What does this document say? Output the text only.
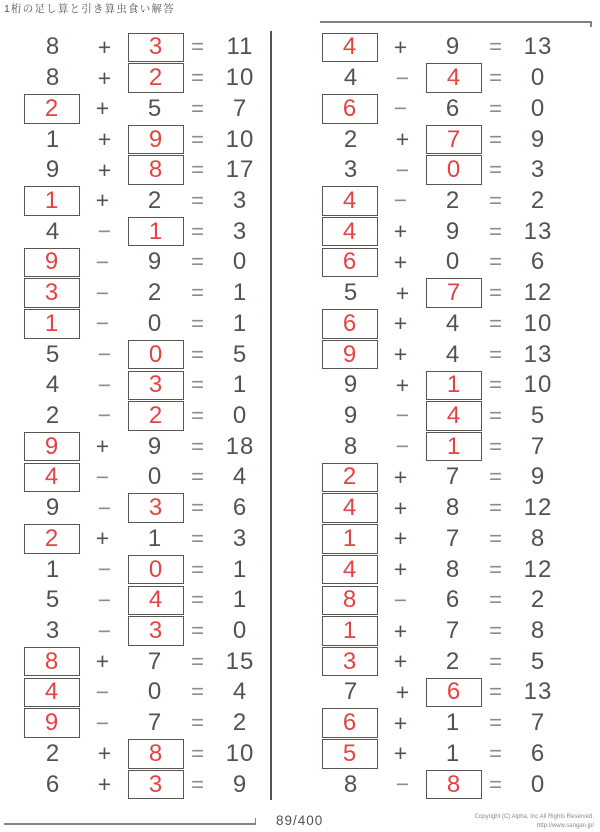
1桁の足し算と引き算虫食い解答
8	+	3	= 11
8	+	2	= 10
2	+	5	=	7
1	+	9	= 10
9	+	8	= 17
1	+	2	=	3
4	−	1	=	3
9	−	9	=	0
3	−	2	=	1
1	−	0	=	1
5	−	0	=	5
4	−	3	=	1
2	−	2	=	0
9	+	9	= 18
4	−	0	=	4
9	−	3	=	6
2	+	1	=	3
1	−	0	=	1
5	−	4	=	1
3	−	3	=	0
8	+	7	= 15
4	−	0	=	4
9	−	7	=	2
2	+	8	= 10
6	+	3	=	9
4	+	9	= 13
4	−	4	=	0
6	−	6	=	0
2	+	7	=	9
3	−	0	=	3
4	−	2	=	2
4	+	9	= 13
6	+	0	=	6
5	+	7	= 12
6	+	4	= 10
9	+	4	= 13
9	+	1	= 10
9	−	4	=	5
8	−	1	=	7
2	+	7	=	9
4	+	8	= 12
1	+	7	=	8
4	+	8	= 12
8	−	6	=	2
1	+	7	=	8
3	+	2	=	5
7	+	6	= 13
6	+	1	=	7
5	+	1	=	6
8	−	8	=	0
89/400	Copyright (C) Alpha, Inc All Rights Reserved.
http://www.sangan.jp/
